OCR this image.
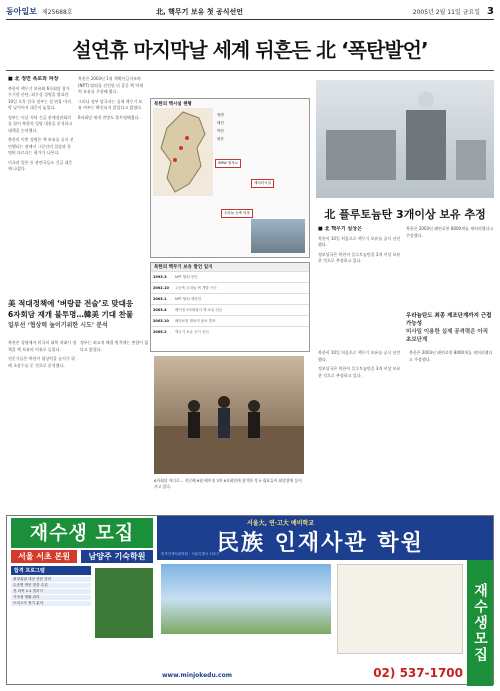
동아일보 제25688호	北, 핵무기 보유 첫 공식선언	2005년 2월 11일 금요일 3
설연휴 마지막날 세계 뒤흔든 北 ‘폭탄발언’
■ 北 정면 폭로와 파장

북한이 핵무기 보유와 6자회담 참가 무기한 중단, 외무성 성명을 발표한 10일 오후 한국 정부는 설 연휴 마지막 날이어서 대응이 늦었다.

정부는 이날 저녁 긴급 관계장관회의를 열어 북한의 성명 내용을 분석하고 대책을 논의했다.

북한의 이번 성명은 핵 보유를 공식 선언했다는 점에서 그동안의 입장과 분명히 다르다는 평가가 나온다.

미국과 일본 등 관련국들도 긴급 대응에 나섰다.

북한은 2003년 1월 핵확산금지조약(NPT) 탈퇴를 선언한 뒤 줄곧 핵 억제력 보유를 주장해 왔다.

그러나 정부 당국자는 실제 핵무기 보유 여부는 확인되지 않았다고 밝혔다.

6자회담 재개 전망도 불투명해졌다.

북한의 핵시설 현황
영변
태천
박천
평산
5MW 원자로
재처리시설
우라늄 농축 의혹
북한의 핵무기 보유 발언 일지
1993.3	NPT 탈퇴 선언
2002.10	고농축 우라늄 핵 개발 시인
2003.1	NPT 탈퇴 재선언
2003.4	베이징 3자회담서 핵 보유 언급
2003.10	폐연료봉 재처리 완료 발표
2005.2	핵무기 보유 공식 선언
美 적대정책에 ‘벼랑끝 전술’로 맞대응
6자회담 재개 불투명…韓美 기대 찬물
일부선 ‘협상력 높이기위한 시도’ 분석

북한은 성명에서 미국의 대북 적대시 정책을 핵 보유의 이유로 들었다.

전문가들은 북한이 협상력을 높이기 위해 초강수를 둔 것으로 분석했다.

정부는 외교적 해결 원칙에는 변함이 없다고 밝혔다.

6자회담 어디로… 지난해 6월 베이징 3차 6자회담에 참석한 각국 대표들이 회담장에 들어서고 있다.
北 플루토늄탄 3개이상 보유 추정
■ 北 핵무기 실상은

북한이 10일 처음으로 핵무기 보유를 공식 선언했다.

정보당국은 북한이 플루토늄탄을 3개 이상 보유한 것으로 추정하고 있다.

북한은 2003년 폐연료봉 8000개를 재처리했다고 주장했다.

우라늄탄도 최종 제조단계까지 근접 가능성
미사일 이용한 실제 공격력은 아직 초보단계

북한이 10일 처음으로 핵무기 보유를 공식 선언했다.

정보당국은 북한이 플루토늄탄을 3개 이상 보유한 것으로 추정하고 있다.

북한은 2003년 폐연료봉 8000개를 재처리했다고 주장했다.

재수생 모집
서울 서초 본원	남양주 기숙학원
합격 프로그램
최상위권 대상 전문 강의
수준별 개인 맞춤 수업
전 과목 1:1 클리닉
기숙형 생활 관리
모의고사 정기 분석
서울大, 연·고大 예비학교
民族 인재사관 학원
민족인재사관학원 · 서울특별시 서초구
재수생모집
www.minjokedu.com	02) 537-1700
